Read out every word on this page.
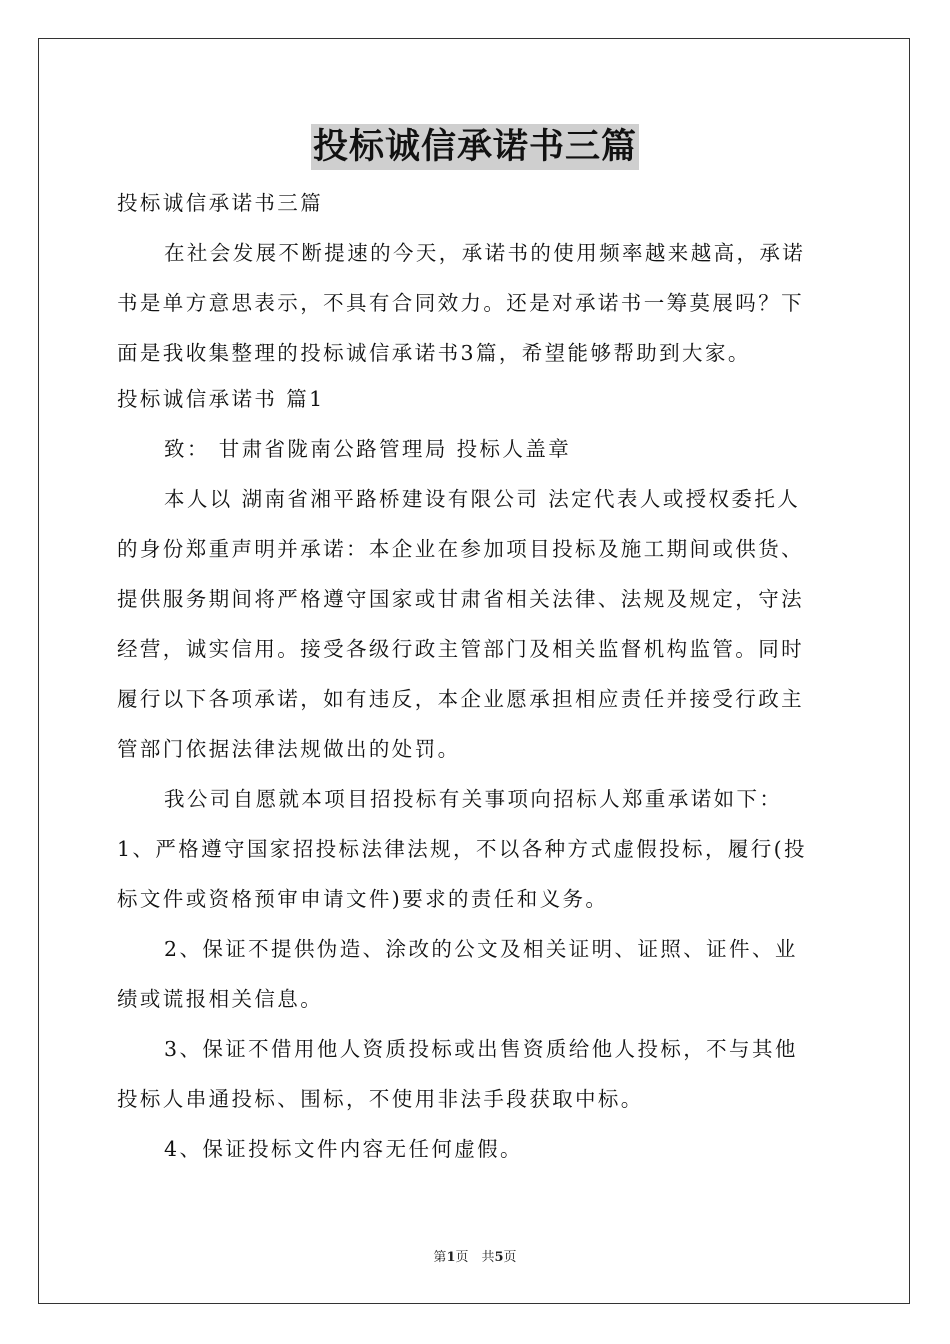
投标诚信承诺书三篇
投标诚信承诺书三篇
在社会发展不断提速的今天，承诺书的使用频率越来越高，承诺
书是单方意思表示，不具有合同效力。还是对承诺书一筹莫展吗？下
面是我收集整理的投标诚信承诺书3篇，希望能够帮助到大家。
投标诚信承诺书 篇1
致： 甘肃省陇南公路管理局 投标人盖章
本人以 湖南省湘平路桥建设有限公司 法定代表人或授权委托人
的身份郑重声明并承诺：本企业在参加项目投标及施工期间或供货、
提供服务期间将严格遵守国家或甘肃省相关法律、法规及规定，守法
经营，诚实信用。接受各级行政主管部门及相关监督机构监管。同时
履行以下各项承诺，如有违反，本企业愿承担相应责任并接受行政主
管部门依据法律法规做出的处罚。
我公司自愿就本项目招投标有关事项向招标人郑重承诺如下：
1、严格遵守国家招投标法律法规，不以各种方式虚假投标，履行(投
标文件或资格预审申请文件)要求的责任和义务。
2、保证不提供伪造、涂改的公文及相关证明、证照、证件、业
绩或谎报相关信息。
3、保证不借用他人资质投标或出售资质给他人投标，不与其他
投标人串通投标、围标，不使用非法手段获取中标。
4、保证投标文件内容无任何虚假。
第1页　共5页
